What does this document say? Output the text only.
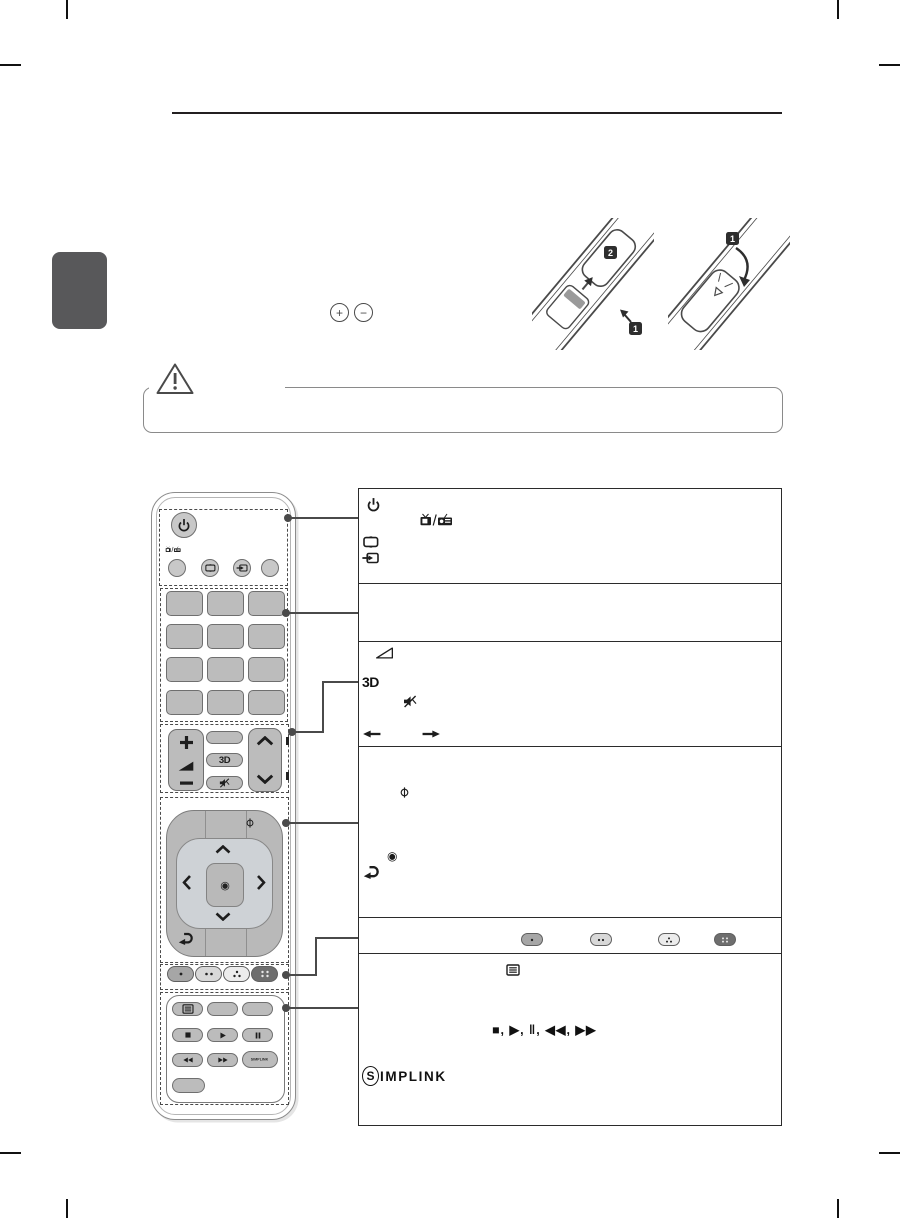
+ −
2
1
1
3D
◉
SIMPLINK
3D
◉
■, ▶, ‖, ◀◀, ▶▶
S IMPLINK
